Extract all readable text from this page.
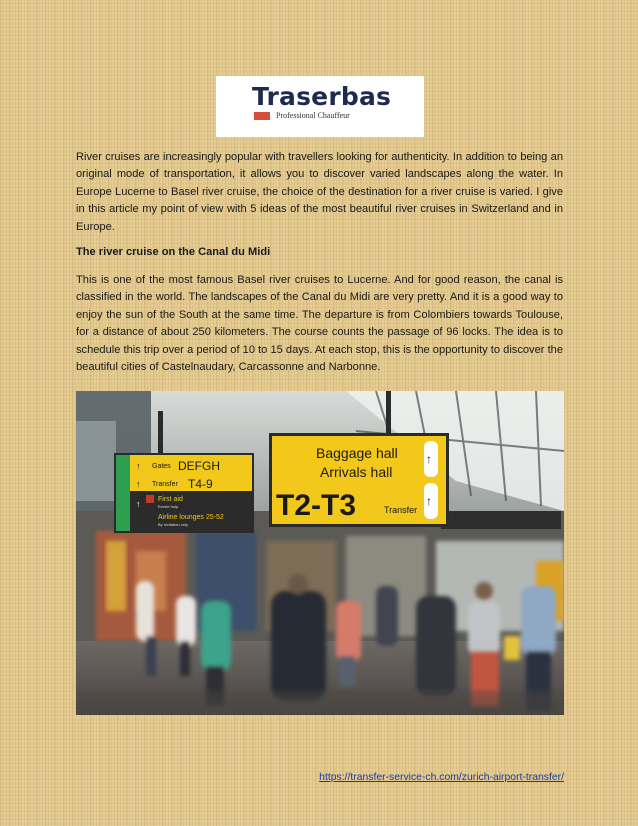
Traserbas
Professional Chauffeur
River cruises are increasingly popular with travellers looking for authenticity. In addition to being an original mode of transportation, it allows you to discover varied landscapes along the water. In Europe Lucerne to Basel river cruise, the choice of the destination for a river cruise is varied. I give in this article my point of view with 5 ideas of the most beautiful river cruises in Switzerland and in Europe.
The river cruise on the Canal du Midi
This is one of the most famous Basel river cruises to Lucerne. And for good reason, the canal is classified in the world. The landscapes of the Canal du Midi are very pretty. And it is a good way to enjoy the sun of the South at the same time. The departure is from Colombiers towards Toulouse, for a distance of about 250 kilometers. The course counts the passage of 96 locks. The idea is to schedule this trip over a period of 10 to 15 days. At each stop, this is the opportunity to discover the beautiful cities of Castelnaudary, Carcassonne and Narbonne.
↑ Gates DEFGH
↑ Transfer T4-9
↑	First aid
Eerste hulp
Airline lounges 25-52
By invitation only
Baggage hall
Arrivals hall
↑
T2-T3	Transfer
↑
https://transfer-service-ch.com/zurich-airport-transfer/
